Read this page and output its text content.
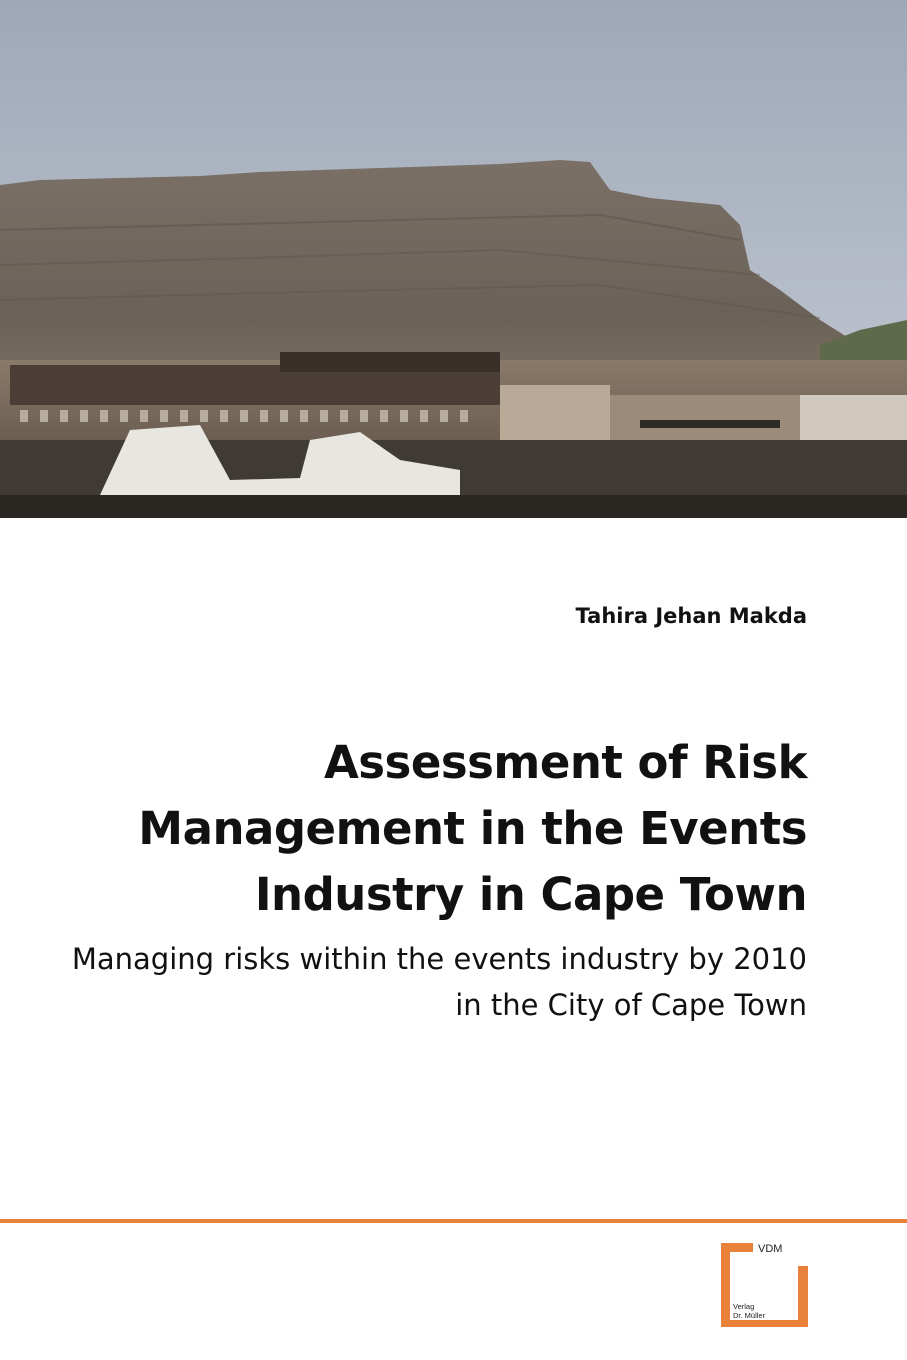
Tahira Jehan Makda
Assessment of Risk Management in the Events Industry in Cape Town
Managing risks within the events industry by 2010 in the City of Cape Town
VDM
Verlag
Dr. Müller
